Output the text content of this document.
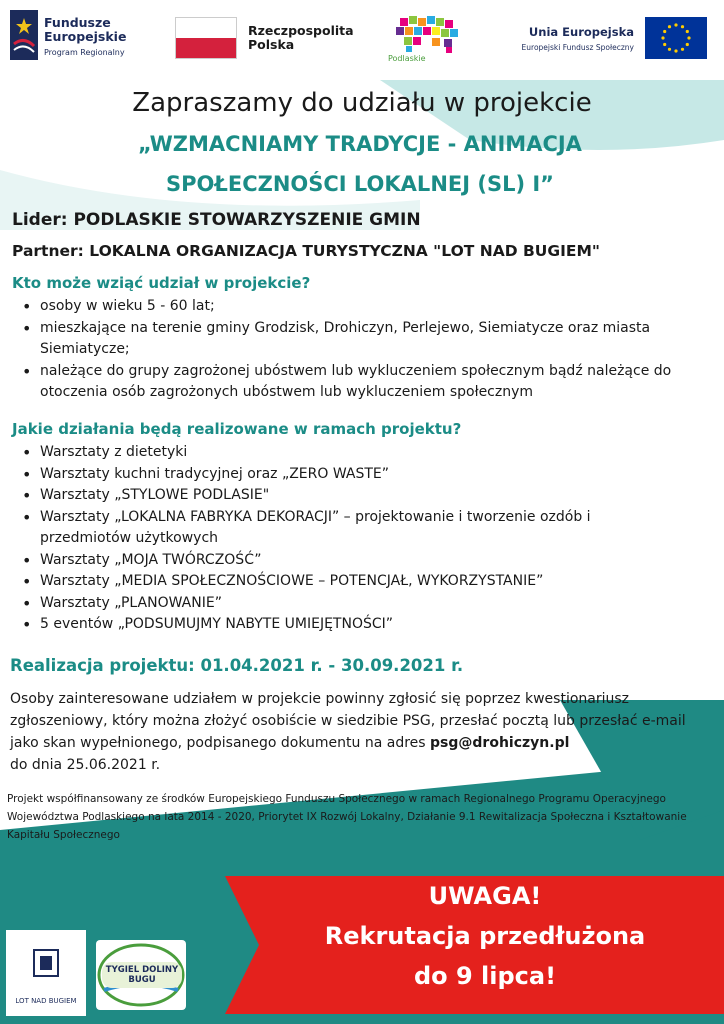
Fundusze
Europejskie
Program Regionalny
Rzeczpospolita
Polska
Podlaskie
Unia Europejska
Europejski Fundusz Społeczny
Zapraszamy do udziału w projekcie
„WZMACNIAMY TRADYCJE - ANIMACJA
SPOŁECZNOŚCI LOKALNEJ (SL) I”
Lider: PODLASKIE STOWARZYSZENIE GMIN
Partner: LOKALNA ORGANIZACJA TURYSTYCZNA "LOT NAD BUGIEM"
Kto może wziąć udział w projekcie?
• osoby w wieku 5 - 60 lat;
• mieszkające na terenie gminy Grodzisk, Drohiczyn, Perlejewo, Siemiatycze oraz miasta Siemiatycze;
• należące do grupy zagrożonej ubóstwem lub wykluczeniem społecznym bądź należące do otoczenia osób zagrożonych ubóstwem lub wykluczeniem społecznym
Jakie działania będą realizowane w ramach projektu?
• Warsztaty z dietetyki
• Warsztaty kuchni tradycyjnej oraz „ZERO WASTE”
• Warsztaty „STYLOWE PODLASIE"
• Warsztaty „LOKALNA FABRYKA DEKORACJI” – projektowanie i tworzenie ozdób i przedmiotów użytkowych
• Warsztaty „MOJA TWÓRCZOŚĆ”
• Warsztaty „MEDIA SPOŁECZNOŚCIOWE – POTENCJAŁ, WYKORZYSTANIE”
• Warsztaty „PLANOWANIE”
• 5 eventów „PODSUMUJMY NABYTE UMIEJĘTNOŚCI”
Realizacja projektu: 01.04.2021 r. - 30.09.2021 r.
Osoby zainteresowane udziałem w projekcie powinny zgłosić się poprzez kwestionariusz zgłoszeniowy, który można złożyć osobiście w siedzibie PSG, przesłać pocztą lub przesłać e-mail jako skan wypełnionego, podpisanego dokumentu na adres psg@drohiczyn.pl
do dnia 25.06.2021 r.
Projekt współfinansowany ze środków Europejskiego Funduszu Społecznego w ramach Regionalnego Programu Operacyjnego Województwa Podlaskiego na lata 2014 - 2020, Priorytet IX Rozwój Lokalny, Działanie 9.1 Rewitalizacja Społeczna i Kształtowanie Kapitału Społecznego
UWAGA!
Rekrutacja przedłużona
do 9 lipca!
LOT NAD BUGIEM
TYGIEL DOLINY BUGU
